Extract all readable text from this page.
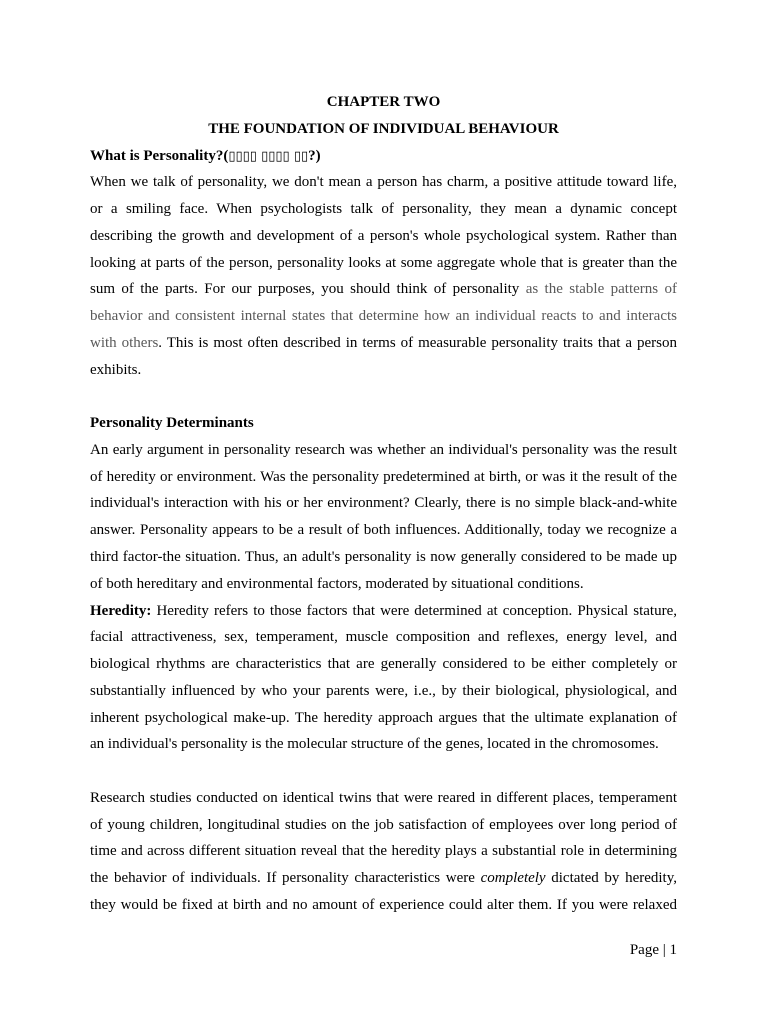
CHAPTER TWO
THE FOUNDATION OF INDIVIDUAL BEHAVIOUR
What is Personality?(▯▯▯▯ ▯▯▯▯ ▯▯?)
When we talk of personality, we don't mean a person has charm, a positive attitude toward life,
or a smiling face. When psychologists talk of personality, they mean a dynamic concept
describing the growth and development of a person's whole psychological system. Rather than
looking at parts of the person, personality looks at some aggregate whole that is greater than the
sum of the parts. For our purposes, you should think of personality as the stable patterns of
behavior and consistent internal states that determine how an individual reacts to and interacts
with others. This is most often described in terms of measurable personality traits that a person
exhibits.
Personality Determinants
An early argument in personality research was whether an individual's personality was the result
of heredity or environment. Was the personality predetermined at birth, or was it the result of the
individual's interaction with his or her environment? Clearly, there is no simple black-and-white
answer. Personality appears to be a result of both influences. Additionally, today we recognize a
third factor-the situation. Thus, an adult's personality is now generally considered to be made up
of both hereditary and environmental factors, moderated by situational conditions.
Heredity: Heredity refers to those factors that were determined at conception. Physical stature,
facial attractiveness, sex, temperament, muscle composition and reflexes, energy level, and
biological rhythms are characteristics that are generally considered to be either completely or
substantially influenced by who your parents were, i.e., by their biological, physiological, and
inherent psychological make-up. The heredity approach argues that the ultimate explanation of
an individual's personality is the molecular structure of the genes, located in the chromosomes.
Research studies conducted on identical twins that were reared in different places, temperament
of young children, longitudinal studies on the job satisfaction of employees over long period of
time and across different situation reveal that the heredity plays a substantial role in determining
the behavior of individuals. If personality characteristics were completely dictated by heredity,
they would be fixed at birth and no amount of experience could alter them. If you were relaxed
Page | 1
